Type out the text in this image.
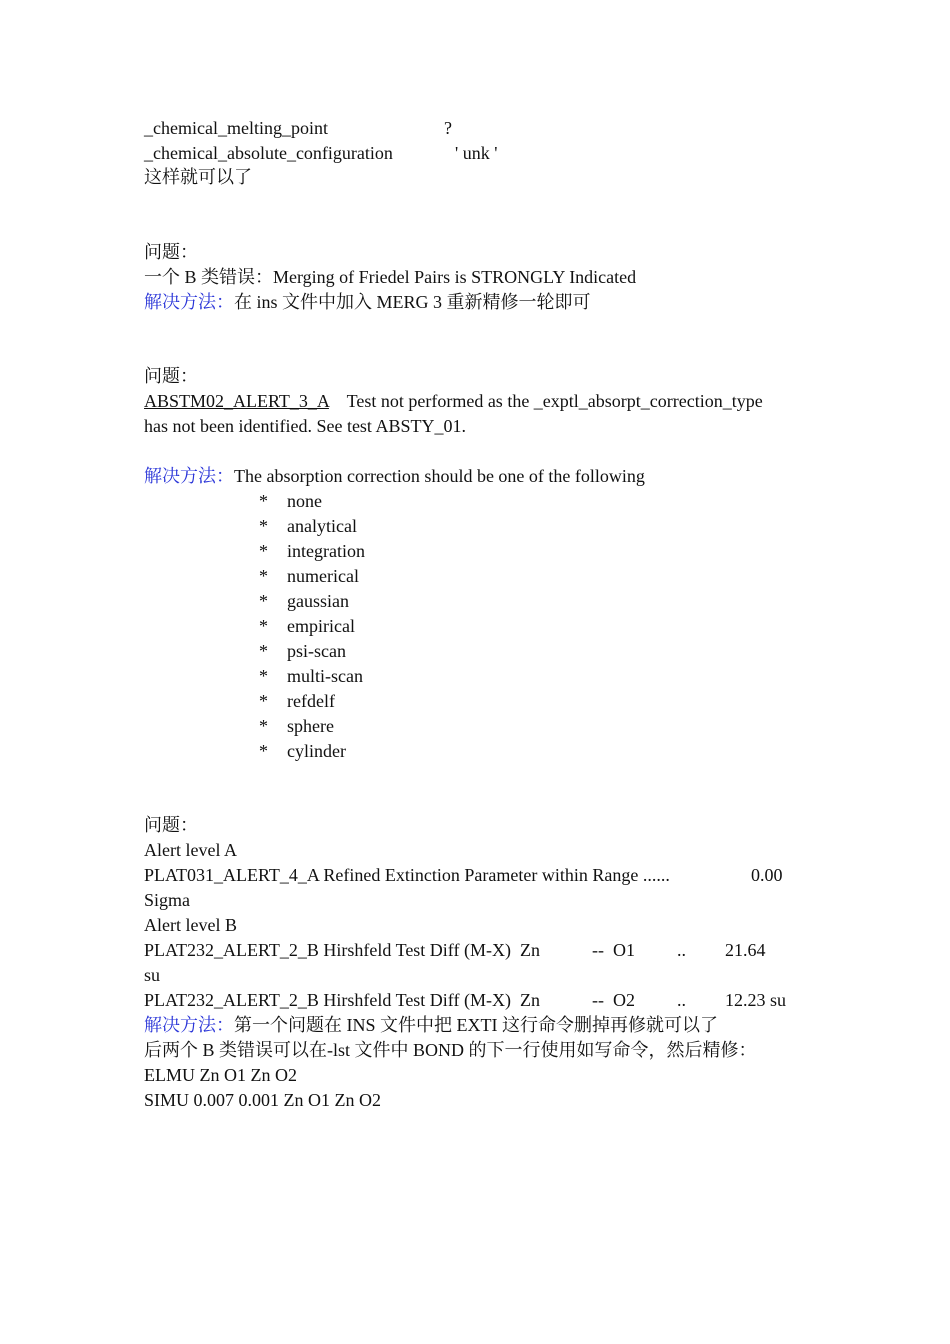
_chemical_melting_point	?
_chemical_absolute_configuration	' unk '
这样就可以了
问题：
一个 B 类错误：Merging of Friedel Pairs is STRONGLY Indicated
解决方法：在 ins 文件中加入 MERG 3 重新精修一轮即可
问题：
ABSTM02_ALERT_3_A Test not performed as the _exptl_absorpt_correction_type
has not been identified. See test ABSTY_01.
解决方法：The absorption correction should be one of the following
* none
* analytical
* integration
* numerical
* gaussian
* empirical
* psi-scan
* multi-scan
* refdelf
* sphere
* cylinder
问题：
Alert level A
PLAT031_ALERT_4_A Refined Extinction Parameter within Range ......	0.00
Sigma
Alert level B
PLAT232_ALERT_2_B Hirshfeld Test Diff (M-X)  Zn	--  O1 .. 21.64
su
PLAT232_ALERT_2_B Hirshfeld Test Diff (M-X)  Zn	--  O2 .. 12.23 su
解决方法：第一个问题在 INS 文件中把 EXTI 这行命令删掉再修就可以了
后两个 B 类错误可以在-lst 文件中 BOND 的下一行使用如写命令，然后精修：
ELMU Zn O1 Zn O2
SIMU 0.007 0.001 Zn O1 Zn O2
